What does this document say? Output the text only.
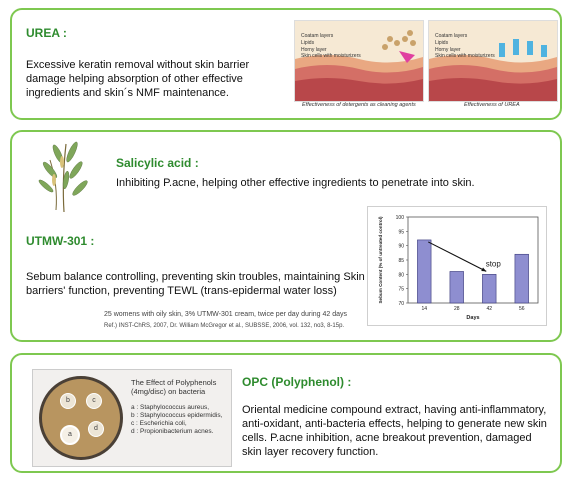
UREA :
Excessive keratin removal without skin barrier damage helping absorption of other effective ingredients and skin´s NMF maintenance.
Coatam layers
Lipids
Horny layer
Skin cells with moisturizers
Effectiveness of detergents as cleaning agents
Coatam layers
Lipids
Horny layer
Skin cells with moisturizers
Effectiveness of UREA
Salicylic acid :
Inhibiting P.acne, helping other effective ingredients to penetrate into skin.
UTMW-301 :
Sebum balance controlling, preventing skin troubles, maintaining Skin barriers' function, preventing TEWL (trans-epidermal water loss)
25 womens with oily skin, 3% UTMW-301 cream, twice per day during 42 days
Ref.) INST-ChRS, 2007, Dr. William McGregor et al., SUBSSE, 2006, vol. 132, no3, 8-15p.
70
75
80
85
90
95
100
14	28	42	56
stop
Days
Sebum Content (% of untreated control)
b	c
d
a
The Effect of Polyphenols (4mg/disc) on bacteria
a : Staphylococcus aureus,
b : Staphylococcus epidermidis,
c : Escherichia coli,
d : Propionibacterium acnes.
OPC (Polyphenol) :
Oriental medicine compound extract, having anti-inflammatory, anti-oxidant, anti-bacteria effects, helping to generate new skin cells. P.acne inhibition, acne breakout prevention, damaged skin layer recovery function.
